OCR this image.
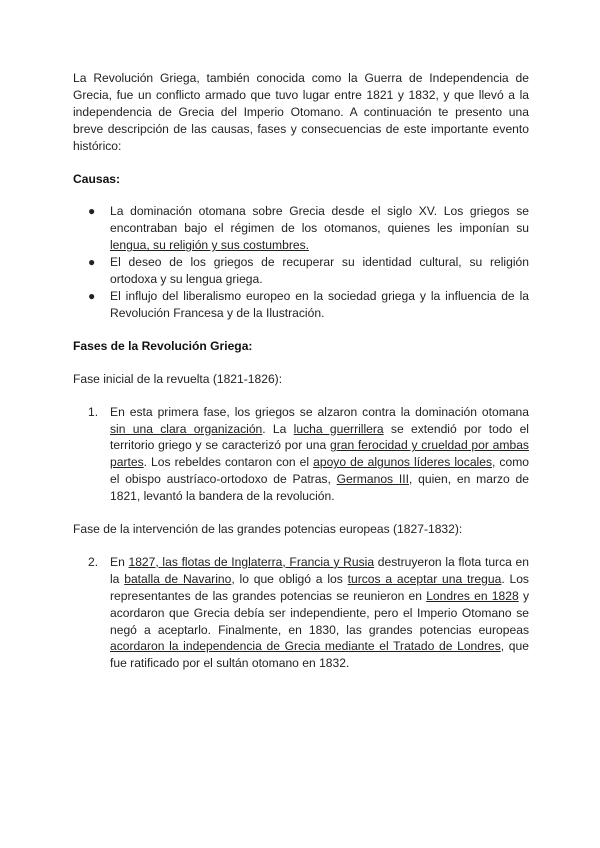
La Revolución Griega, también conocida como la Guerra de Independencia de Grecia, fue un conflicto armado que tuvo lugar entre 1821 y 1832, y que llevó a la independencia de Grecia del Imperio Otomano. A continuación te presento una breve descripción de las causas, fases y consecuencias de este importante evento histórico:

Causas:

● La dominación otomana sobre Grecia desde el siglo XV. Los griegos se encontraban bajo el régimen de los otomanos, quienes les imponían su lengua, su religión y sus costumbres.
● El deseo de los griegos de recuperar su identidad cultural, su religión ortodoxa y su lengua griega.
● El influjo del liberalismo europeo en la sociedad griega y la influencia de la Revolución Francesa y de la Ilustración.

Fases de la Revolución Griega:

Fase inicial de la revuelta (1821-1826):

1. En esta primera fase, los griegos se alzaron contra la dominación otomana sin una clara organización. La lucha guerrillera se extendió por todo el territorio griego y se caracterizó por una gran ferocidad y crueldad por ambas partes. Los rebeldes contaron con el apoyo de algunos líderes locales, como el obispo austríaco-ortodoxo de Patras, Germanos III, quien, en marzo de 1821, levantó la bandera de la revolución.

Fase de la intervención de las grandes potencias europeas (1827-1832):

2. En 1827, las flotas de Inglaterra, Francia y Rusia destruyeron la flota turca en la batalla de Navarino, lo que obligó a los turcos a aceptar una tregua. Los representantes de las grandes potencias se reunieron en Londres en 1828 y acordaron que Grecia debía ser independiente, pero el Imperio Otomano se negó a aceptarlo. Finalmente, en 1830, las grandes potencias europeas acordaron la independencia de Grecia mediante el Tratado de Londres, que fue ratificado por el sultán otomano en 1832.
